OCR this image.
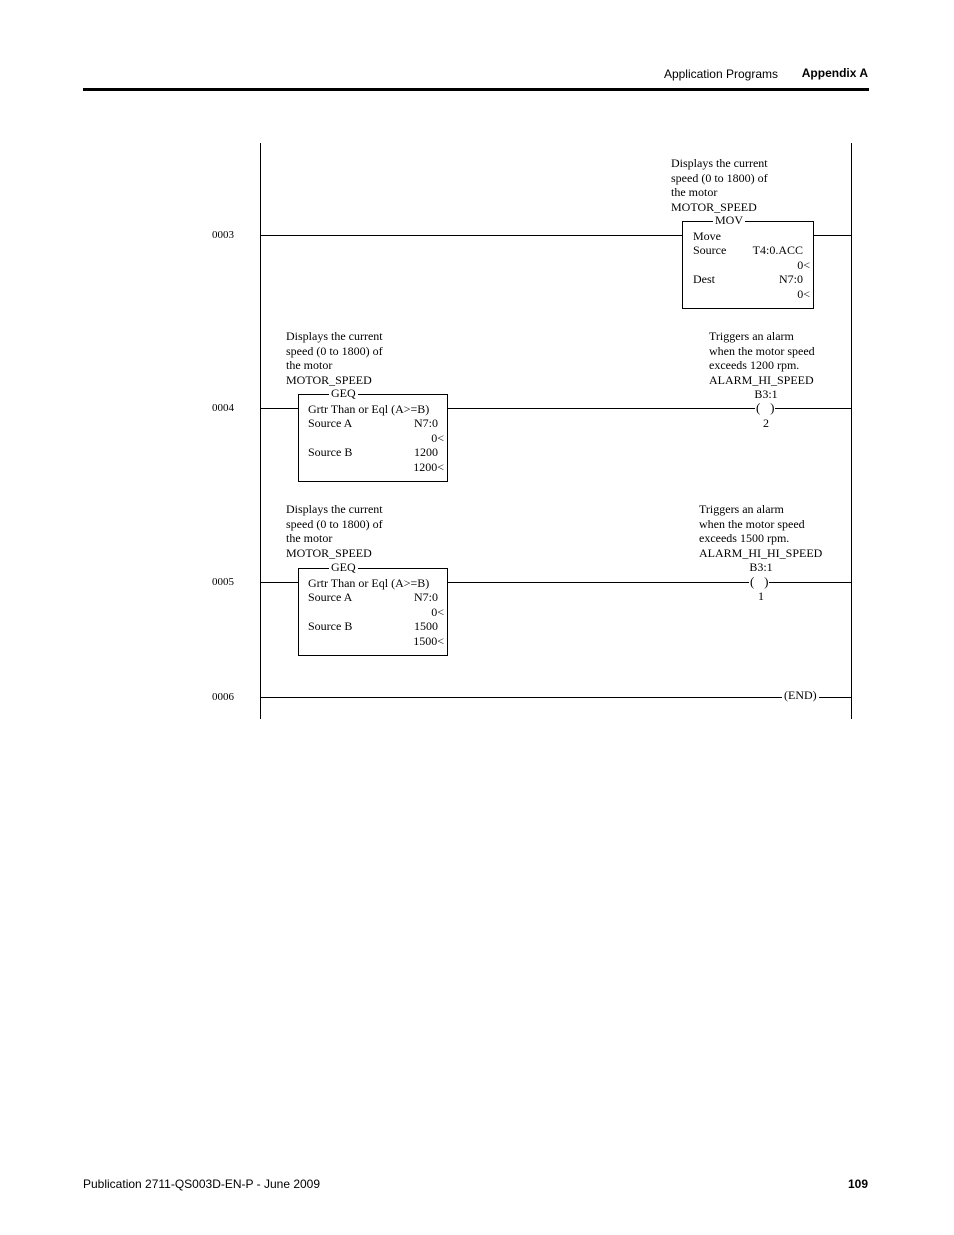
Application Programs Appendix A
0003
Displays the current
speed (0 to 1800) of
the motor
MOTOR_SPEED
MOV
Move
Source T4:0.ACC
0<
Dest	N7:0
0<
0004
Displays the current
speed (0 to 1800) of
the motor
MOTOR_SPEED
GEQ
Grtr Than or Eql (A>=B)
Source A	N7:0
0<
Source B	1200
1200<
Triggers an alarm
when the motor speed
exceeds 1200 rpm.
ALARM_HI_SPEED
B3:1
(   )
2
0005
Displays the current
speed (0 to 1800) of
the motor
MOTOR_SPEED
GEQ
Grtr Than or Eql (A>=B)
Source A	N7:0
0<
Source B	1500
1500<
Triggers an alarm
when the motor speed
exceeds 1500 rpm.
ALARM_HI_HI_SPEED
B3:1
(   )
1
0006	(END)
Publication 2711-QS003D-EN-P - June 2009	109
